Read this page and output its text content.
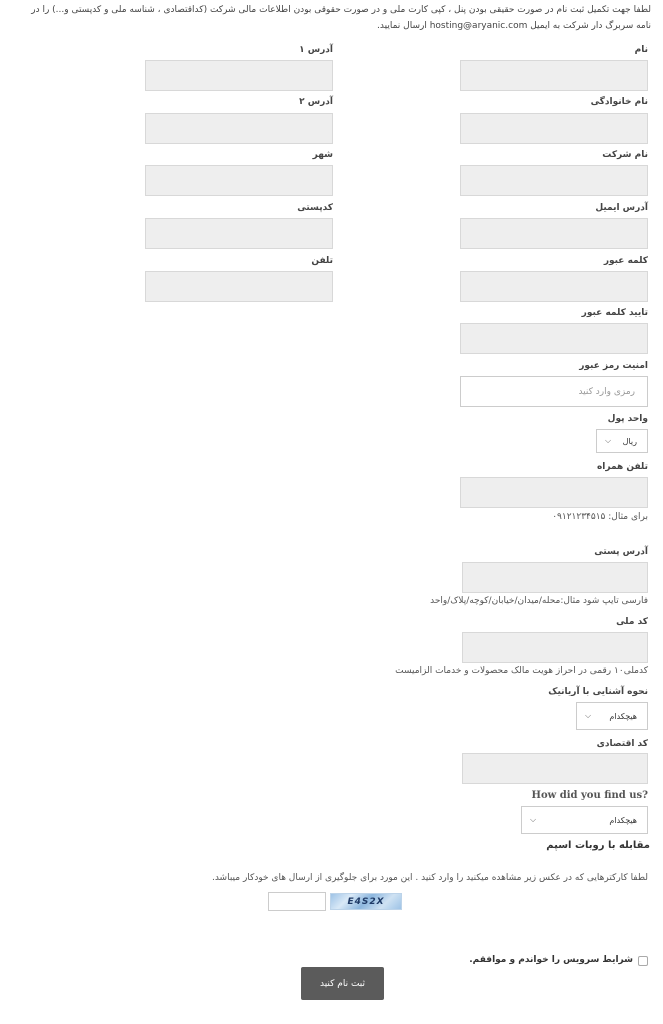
لطفا جهت تکمیل ثبت نام در صورت حقیقی بودن پنل ، کپی کارت ملی و در صورت حقوقی بودن اطلاعات مالی شرکت (کداقتصادی ، شناسه ملی و کدپستی و...) را در
نامه سربرگ دار شرکت به ایمیل hosting@aryanic.com ارسال نمایید.
نام
نام خانوادگی
نام شرکت
آدرس ایمیل
کلمه عبور
تایید کلمه عبور
امنیت رمز عبور
رمزی وارد کنید
واحد پول
ریال
⌵
تلفن همراه
برای مثال: ۰۹۱۲۱۲۳۴۵۱۵
آدرس ۱
آدرس ۲
شهر
کدپستی
تلفن
آدرس پستی
فارسی تایپ شود مثال:محله/میدان/خیابان/کوچه/پلاک/واحد
کد ملی
کدملی۱۰ رقمی در احراز هویت مالک محصولات و خدمات الزامیست
نحوه آشنایی با آریانیک
هیچکدام
⌵
کد اقتصادی
How did you find us?
هیچکدام
⌵
مقابله با روبات اسپم
لطفا کارکترهایی که در عکس زیر مشاهده میکنید را وارد کنید . این مورد برای جلوگیری از ارسال های خودکار میباشد.
E4S2X
شرایط سرویس را خواندم و موافقم.
ثبت نام کنید
